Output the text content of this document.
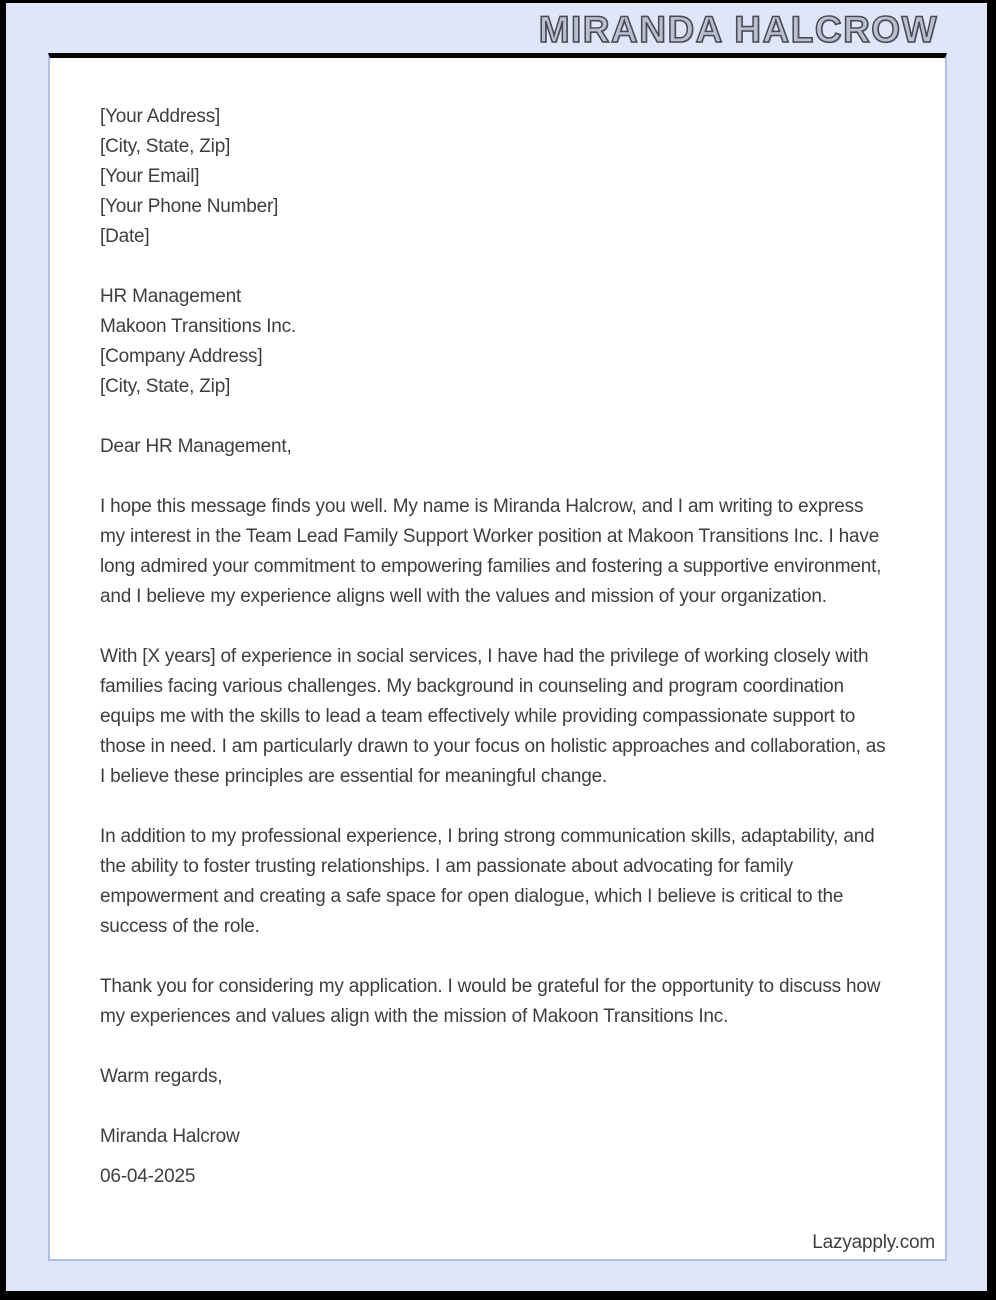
MIRANDA HALCROW
[Your Address]
[City, State, Zip]
[Your Email]
[Your Phone Number]
[Date]
HR Management
Makoon Transitions Inc.
[Company Address]
[City, State, Zip]
Dear HR Management,
I hope this message finds you well. My name is Miranda Halcrow, and I am writing to express my interest in the Team Lead Family Support Worker position at Makoon Transitions Inc. I have long admired your commitment to empowering families and fostering a supportive environment, and I believe my experience aligns well with the values and mission of your organization.
With [X years] of experience in social services, I have had the privilege of working closely with families facing various challenges. My background in counseling and program coordination equips me with the skills to lead a team effectively while providing compassionate support to those in need. I am particularly drawn to your focus on holistic approaches and collaboration, as I believe these principles are essential for meaningful change.
In addition to my professional experience, I bring strong communication skills, adaptability, and the ability to foster trusting relationships. I am passionate about advocating for family empowerment and creating a safe space for open dialogue, which I believe is critical to the success of the role.
Thank you for considering my application. I would be grateful for the opportunity to discuss how my experiences and values align with the mission of Makoon Transitions Inc.
Warm regards,
Miranda Halcrow
06-04-2025
Lazyapply.com
